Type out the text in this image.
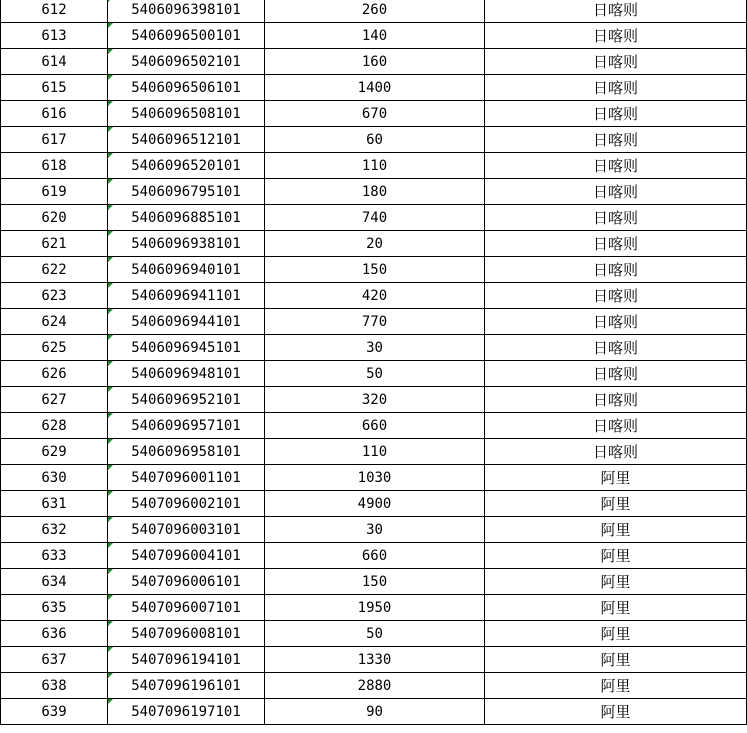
612	5406096398101	260	日喀则
613	5406096500101	140	日喀则
614	5406096502101	160	日喀则
615	5406096506101	1400	日喀则
616	5406096508101	670	日喀则
617	5406096512101	60	日喀则
618	5406096520101	110	日喀则
619	5406096795101	180	日喀则
620	5406096885101	740	日喀则
621	5406096938101	20	日喀则
622	5406096940101	150	日喀则
623	5406096941101	420	日喀则
624	5406096944101	770	日喀则
625	5406096945101	30	日喀则
626	5406096948101	50	日喀则
627	5406096952101	320	日喀则
628	5406096957101	660	日喀则
629	5406096958101	110	日喀则
630	5407096001101	1030	阿里
631	5407096002101	4900	阿里
632	5407096003101	30	阿里
633	5407096004101	660	阿里
634	5407096006101	150	阿里
635	5407096007101	1950	阿里
636	5407096008101	50	阿里
637	5407096194101	1330	阿里
638	5407096196101	2880	阿里
639	5407096197101	90	阿里
